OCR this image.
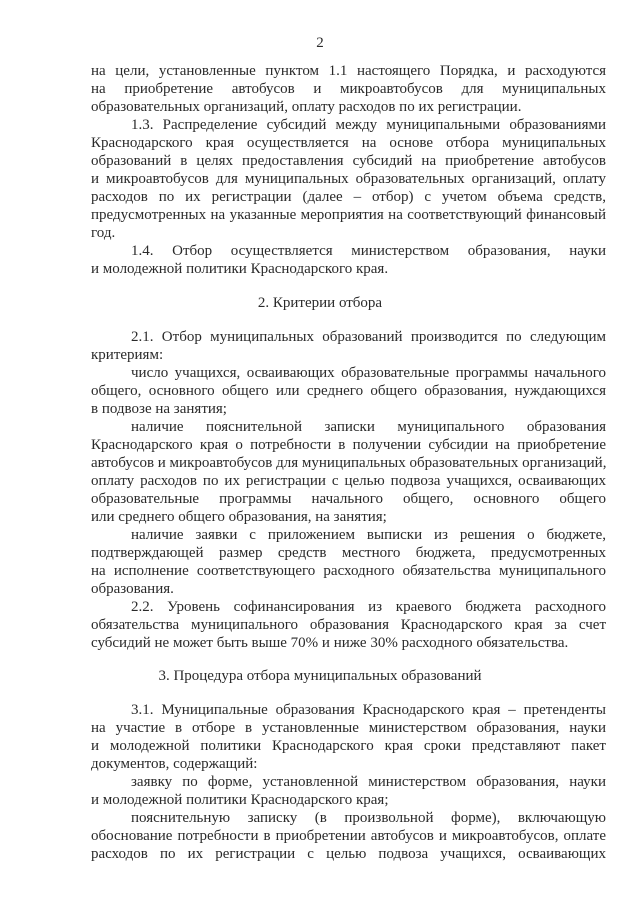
2
на цели, установленные пунктом 1.1 настоящего Порядка, и расходуются
на приобретение автобусов и микроавтобусов для муниципальных
образовательных организаций, оплату расходов по их регистрации.
1.3. Распределение субсидий между муниципальными образованиями
Краснодарского края осуществляется на основе отбора муниципальных
образований в целях предоставления субсидий на приобретение автобусов
и микроавтобусов для муниципальных образовательных организаций, оплату
расходов по их регистрации (далее – отбор) с учетом объема средств,
предусмотренных на указанные мероприятия на соответствующий финансовый
год.
1.4. Отбор осуществляется министерством образования, науки
и молодежной политики Краснодарского края.
2. Критерии отбора
2.1. Отбор муниципальных образований производится по следующим
критериям:
число учащихся, осваивающих образовательные программы начального
общего, основного общего или среднего общего образования, нуждающихся
в подвозе на занятия;
наличие пояснительной записки муниципального образования
Краснодарского края о потребности в получении субсидии на приобретение
автобусов и микроавтобусов для муниципальных образовательных организаций,
оплату расходов по их регистрации с целью подвоза учащихся, осваивающих
образовательные программы начального общего, основного общего
или среднего общего образования, на занятия;
наличие заявки с приложением выписки из решения о бюджете,
подтверждающей размер средств местного бюджета, предусмотренных
на исполнение соответствующего расходного обязательства муниципального
образования.
2.2. Уровень софинансирования из краевого бюджета расходного
обязательства муниципального образования Краснодарского края за счет
субсидий не может быть выше 70% и ниже 30% расходного обязательства.
3. Процедура отбора муниципальных образований
3.1. Муниципальные образования Краснодарского края – претенденты
на участие в отборе в установленные министерством образования, науки
и молодежной политики Краснодарского края сроки представляют пакет
документов, содержащий:
заявку по форме, установленной министерством образования, науки
и молодежной политики Краснодарского края;
пояснительную записку (в произвольной форме), включающую
обоснование потребности в приобретении автобусов и микроавтобусов, оплате
расходов по их регистрации с целью подвоза учащихся, осваивающих
